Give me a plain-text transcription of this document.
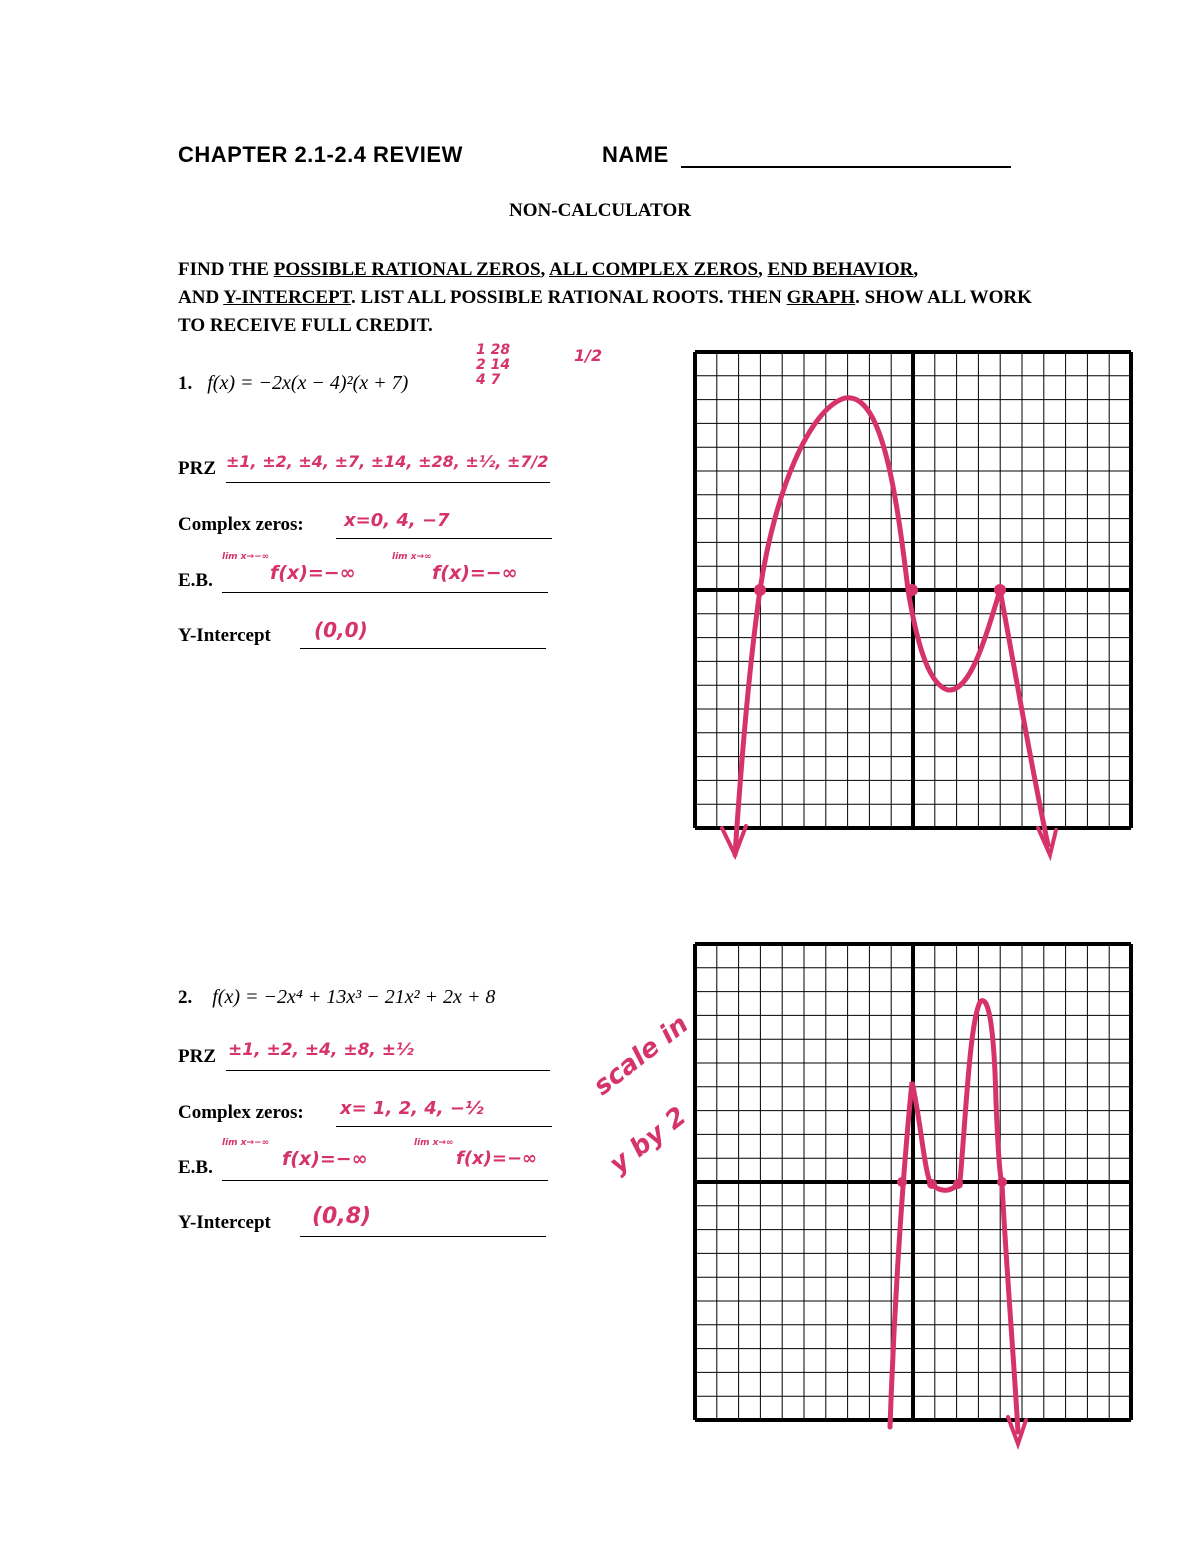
CHAPTER 2.1-2.4 REVIEW	NAME
NON-CALCULATOR
FIND THE POSSIBLE RATIONAL ZEROS, ALL COMPLEX ZEROS, END BEHAVIOR,
AND Y-INTERCEPT. LIST ALL POSSIBLE RATIONAL ROOTS. THEN GRAPH. SHOW ALL WORK TO RECEIVE FULL CREDIT.
1. f(x) = −2x(x − 4)²(x + 7)
1 28
2 14
4 7
1/2
PRZ ±1, ±2, ±4, ±7, ±14, ±28, ±½, ±7/2
Complex zeros: x=0, 4, −7
E.B.
lim x→−∞
f(x)=−∞
lim x→∞
f(x)=−∞
Y-Intercept (0,0)
2. f(x) = −2x⁴ + 13x³ − 21x² + 2x + 8
PRZ ±1, ±2, ±4, ±8, ±½
Complex zeros: x= 1, 2, 4, −½
E.B.
lim x→−∞
f(x)=−∞
lim x→∞
f(x)=−∞
Y-Intercept (0,8)
scale in
y by 2
